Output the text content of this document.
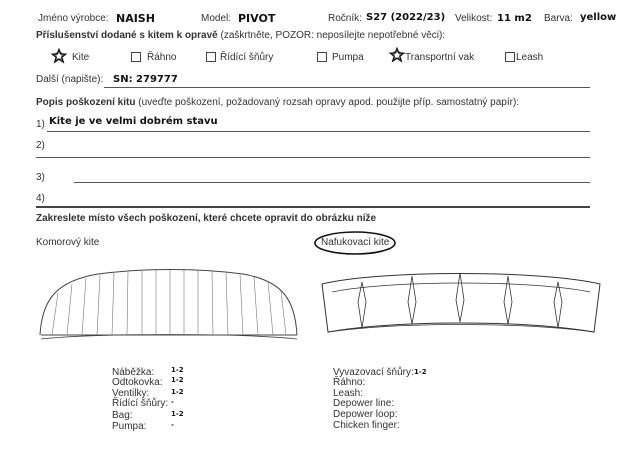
Jméno výrobce: NAISH	Model: PIVOT	Ročník: S27 (2022/23) Velikost: 11 m2 Barva: yellow
Příslušenství dodané s kitem k opravě (zaškrtněte, POZOR: neposílejte nepotřebné věci):
Kite	Řáhno	Řídící šňůry	Pumpa	Transportní vak	Leash
Další (napište): SN: 279777
Popis poškození kitu (uveďte poškození, požadovaný rozsah opravy apod. použijte příp. samostatný papír):
1) Kite je ve velmi dobrém stavu
2)
3)
4)
Zakreslete místo všech poškození, které chcete opravit do obrázku níže
Komorový kite	Nafukovací kite
Náběžka: 1-2
Odtokovka: 1-2
Ventilky:	1-2
Řídící šňůry: -
Bag:	1-2
Pumpa:	-
Vyvazovací šňůry: 1-2
Řáhno:
Leash:
Depower line:
Depower loop:
Chicken finger:
